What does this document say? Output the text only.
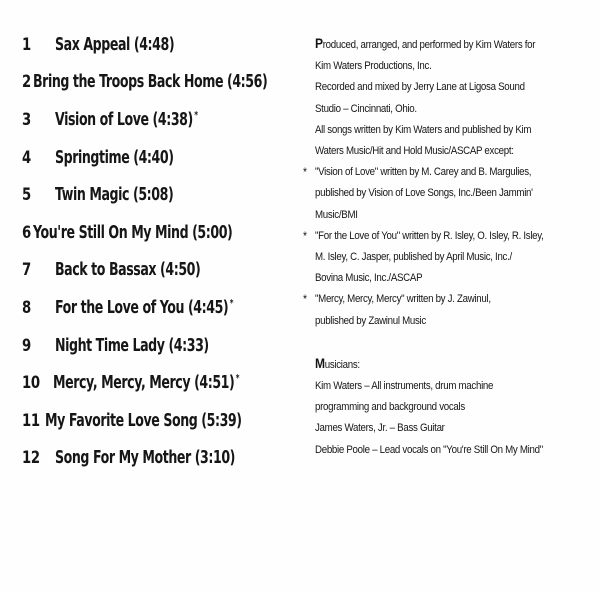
1	Sax Appeal (4:48)
2 Bring the Troops Back Home (4:56)
3	Vision of Love (4:38)*
4	Springtime (4:40)
5	Twin Magic (5:08)
6 You're Still On My Mind (5:00)
7	Back to Bassax (4:50)
8	For the Love of You (4:45)*
9	Night Time Lady (4:33)
10 Mercy, Mercy, Mercy (4:51)*
11 My Favorite Love Song (5:39)
12 Song For My Mother (3:10)
Produced, arranged, and performed by Kim Waters for
Kim Waters Productions, Inc.
Recorded and mixed by Jerry Lane at Ligosa Sound
Studio – Cincinnati, Ohio.
All songs written by Kim Waters and published by Kim
Waters Music/Hit and Hold Music/ASCAP except:
* "Vision of Love" written by M. Carey and B. Margulies,
published by Vision of Love Songs, Inc./Been Jammin'
Music/BMI
* "For the Love of You" written by R. Isley, O. Isley, R. Isley,
M. Isley, C. Jasper, published by April Music, Inc./
Bovina Music, Inc./ASCAP
* "Mercy, Mercy, Mercy" written by J. Zawinul,
published by Zawinul Music
Musicians:
Kim Waters – All instruments, drum machine
programming and background vocals
James Waters, Jr. – Bass Guitar
Debbie Poole – Lead vocals on "You're Still On My Mind"
